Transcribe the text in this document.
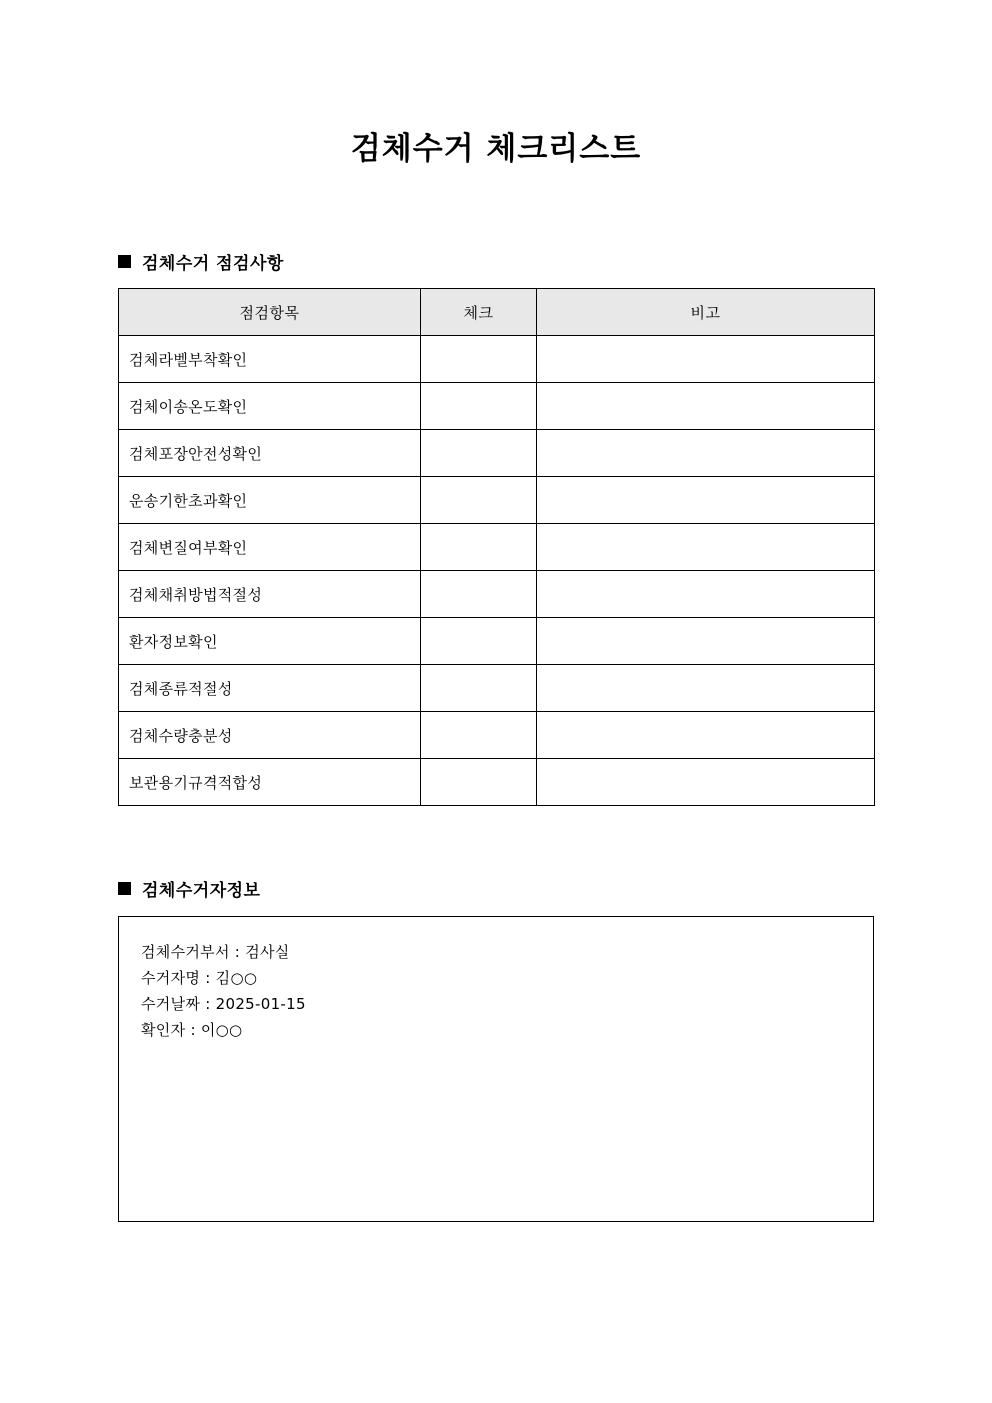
검체수거 체크리스트
검체수거 점검사항
점검항목	체크	비고
검체라벨부착확인		
검체이송온도확인		
검체포장안전성확인		
운송기한초과확인		
검체변질여부확인		
검체채취방법적절성		
환자정보확인		
검체종류적절성		
검체수량충분성		
보관용기규격적합성		
검체수거자정보
검체수거부서 : 검사실
수거자명 : 김○○
수거날짜 : 2025-01-15
확인자 : 이○○
